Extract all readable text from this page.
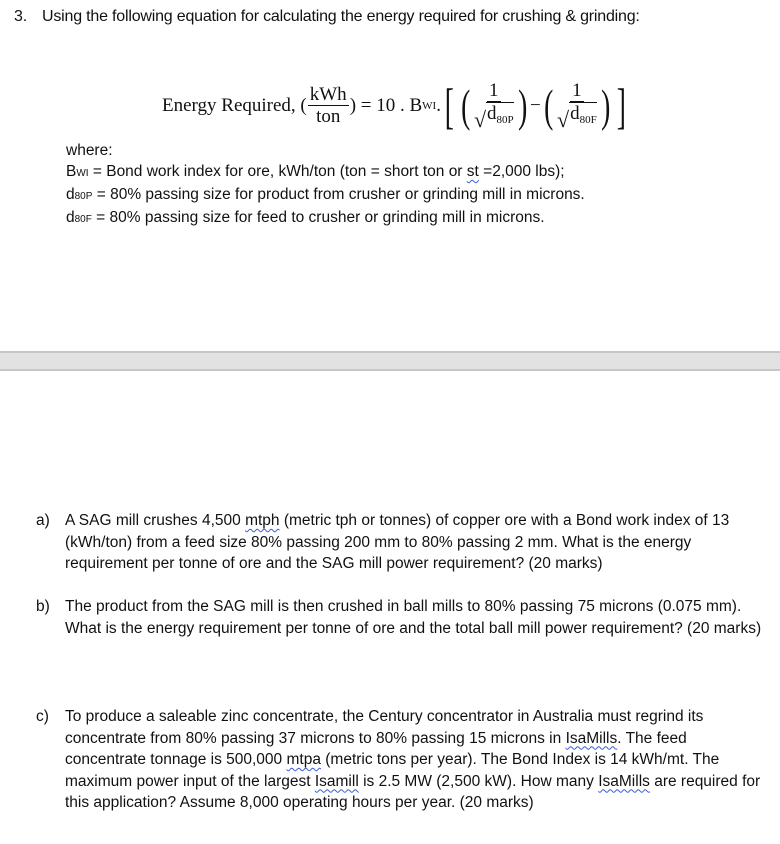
3. Using the following equation for calculating the energy required for crushing & grinding:
Energy Required, ( $\frac{\text{kWh}}{\text{ton}}$ ) = 10 . B WI . [ ( $\frac{1}{√ d_{80P}}$ ) − ( $\frac{1}{√ d_{80F}}$ ) ]
where:
BWI = Bond work index for ore, kWh/ton (ton = short ton or st =2,000 lbs);
d80P = 80% passing size for product from crusher or grinding mill in microns.
d80F = 80% passing size for feed to crusher or grinding mill in microns.
a) A SAG mill crushes 4,500 mtph (metric tph or tonnes) of copper ore with a Bond work index of 13 (kWh/ton) from a feed size 80% passing 200 mm to 80% passing 2 mm. What is the energy requirement per tonne of ore and the SAG mill power requirement? (20 marks)
b) The product from the SAG mill is then crushed in ball mills to 80% passing 75 microns (0.075 mm). What is the energy requirement per tonne of ore and the total ball mill power requirement? (20 marks)
c)	To produce a saleable zinc concentrate, the Century concentrator in Australia must regrind its concentrate from 80% passing 37 microns to 80% passing 15 microns in IsaMills. The feed concentrate tonnage is 500,000 mtpa (metric tons per year). The Bond Index is 14 kWh/mt. The maximum power input of the largest Isamill is 2.5 MW (2,500 kW). How many IsaMills are required for this application? Assume 8,000 operating hours per year. (20 marks)
